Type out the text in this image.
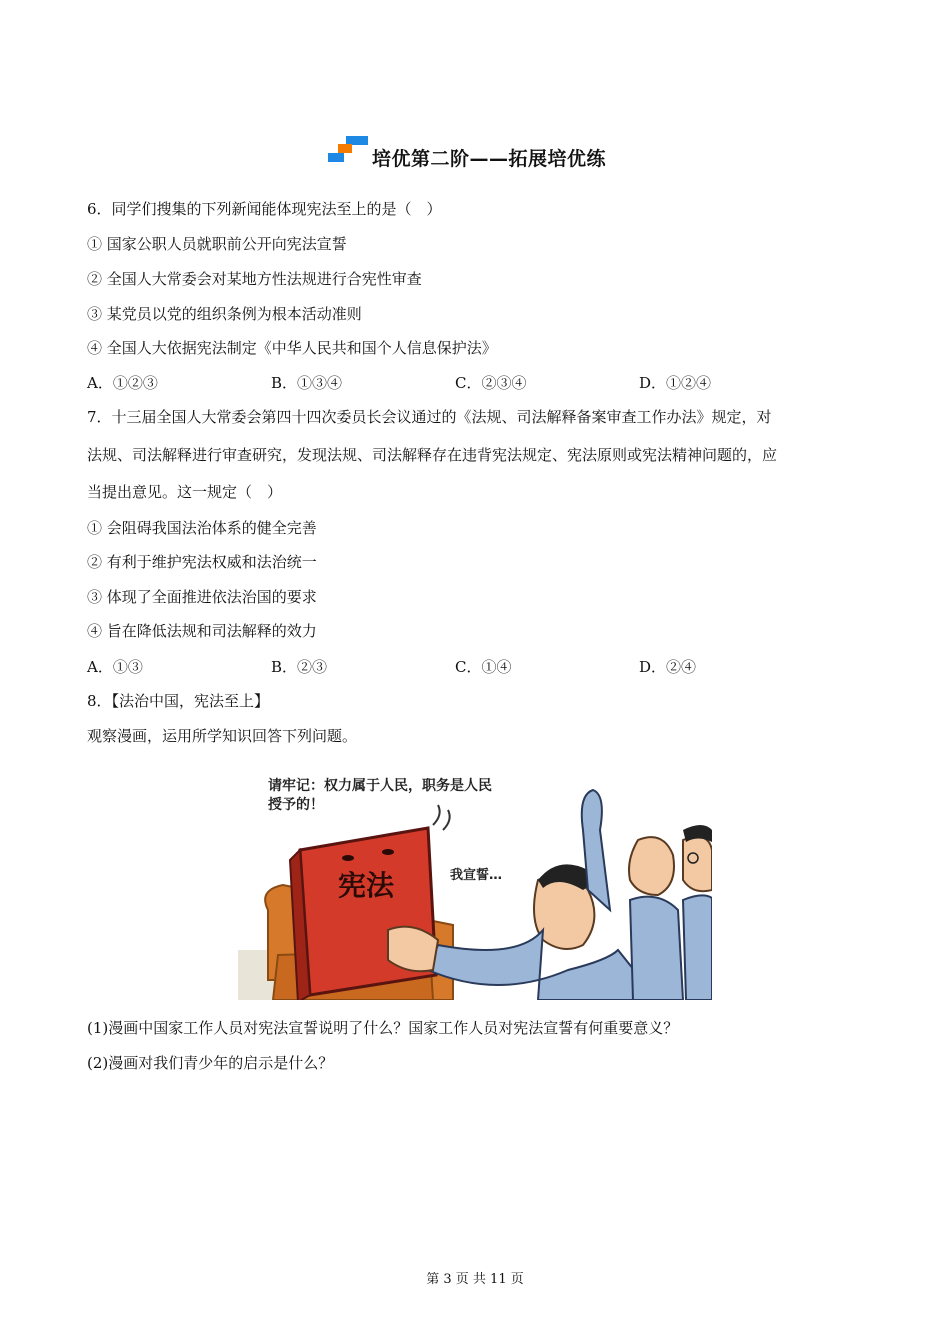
培优第二阶——拓展培优练
6．同学们搜集的下列新闻能体现宪法至上的是（　）
① 国家公职人员就职前公开向宪法宣誓
② 全国人大常委会对某地方性法规进行合宪性审查
③ 某党员以党的组织条例为根本活动准则
④ 全国人大依据宪法制定《中华人民共和国个人信息保护法》
A．①②③	B．①③④	C．②③④	D．①②④
7．十三届全国人大常委会第四十四次委员长会议通过的《法规、司法解释备案审查工作办法》规定，对
法规、司法解释进行审查研究，发现法规、司法解释存在违背宪法规定、宪法原则或宪法精神问题的，应
当提出意见。这一规定（　）
① 会阻碍我国法治体系的健全完善
② 有利于维护宪法权威和法治统一
③ 体现了全面推进依法治国的要求
④ 旨在降低法规和司法解释的效力
A．①③	B．②③	C．①④	D．②④
8．【法治中国，宪法至上】
观察漫画，运用所学知识回答下列问题。
请牢记：权力属于人民，职务是人民
授予的！
宪法	我宣誓…
(1)漫画中国家工作人员对宪法宣誓说明了什么？国家工作人员对宪法宣誓有何重要意义？
(2)漫画对我们青少年的启示是什么？
第 3 页 共 11 页
